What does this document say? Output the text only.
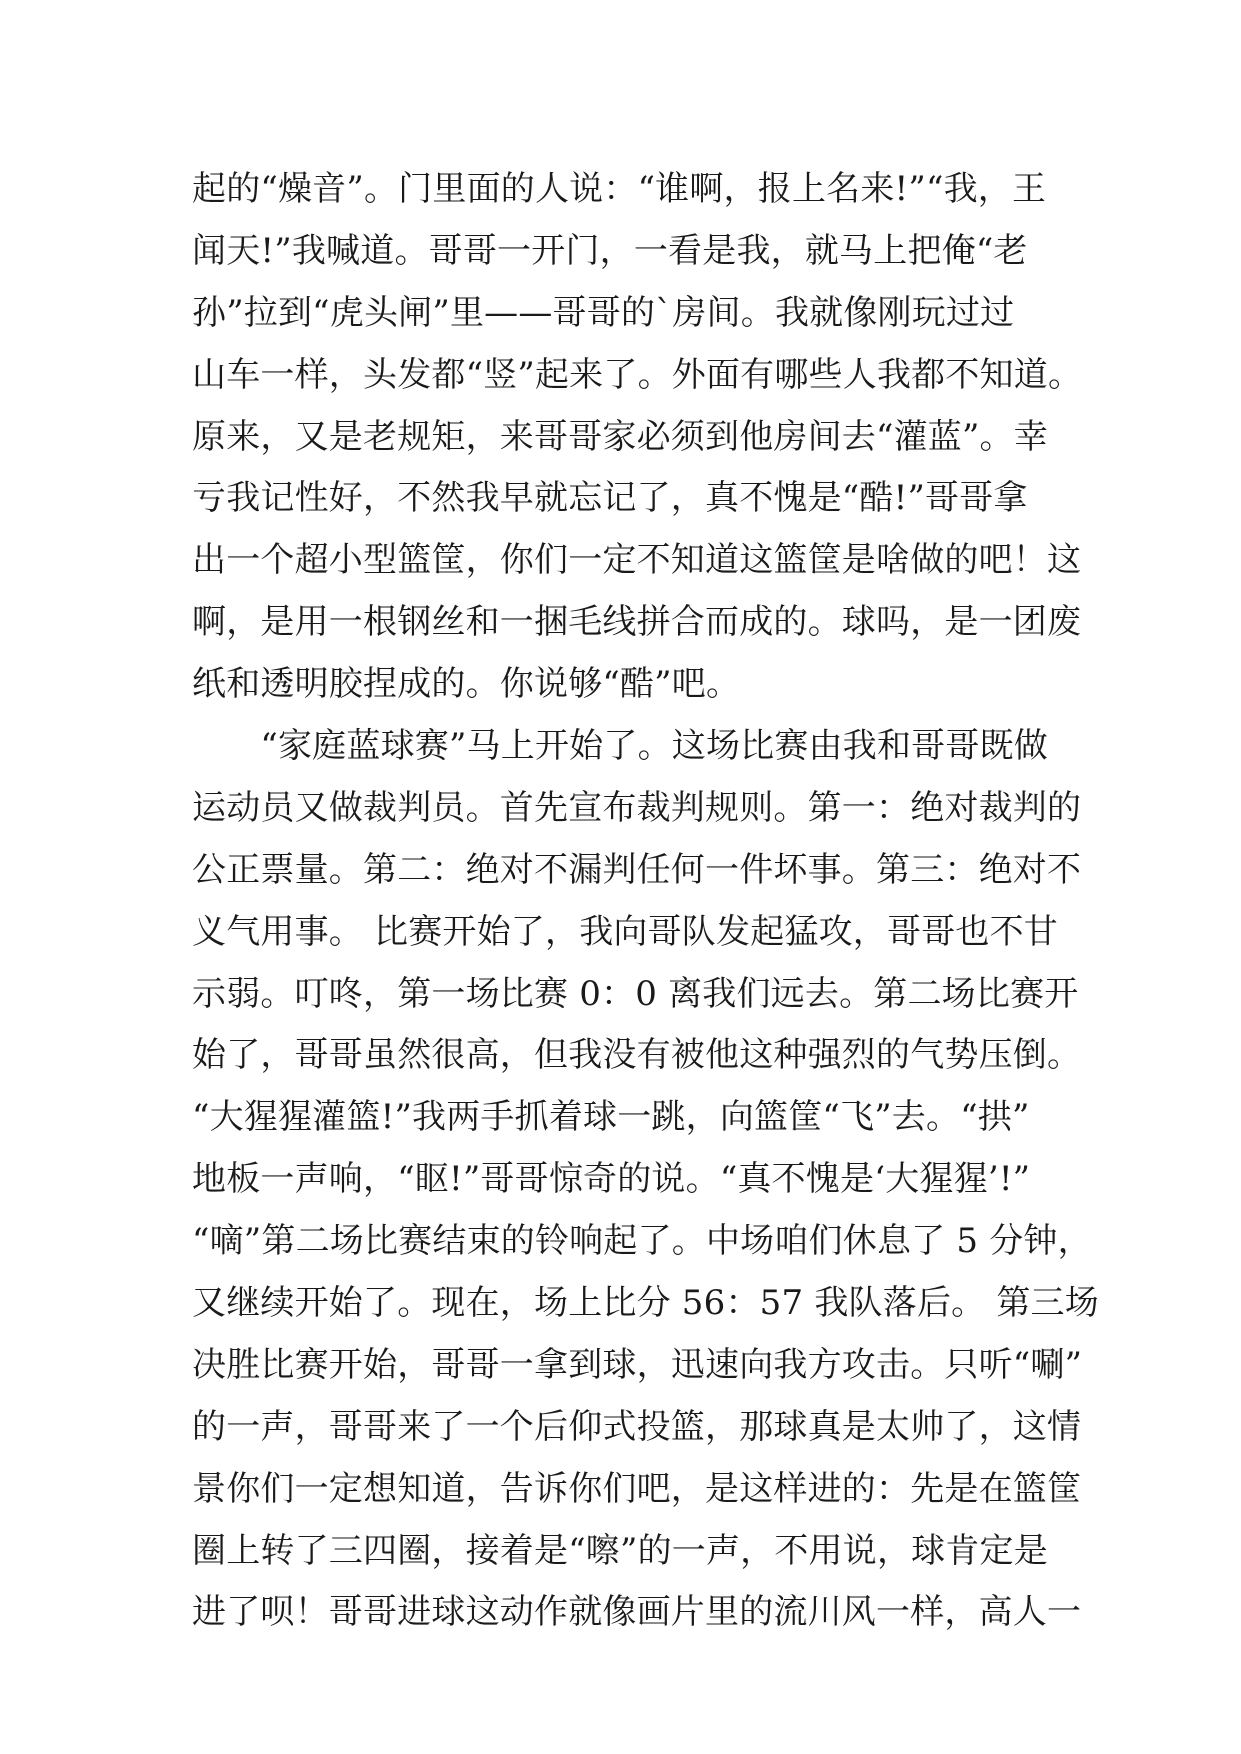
起的“燥音”。门里面的人说：“谁啊，报上名来!”“我，王
闻天!”我喊道。哥哥一开门，一看是我，就马上把俺“老
孙”拉到“虎头闸”里——哥哥的`房间。我就像刚玩过过
山车一样，头发都“竖”起来了。外面有哪些人我都不知道。
原来，又是老规矩，来哥哥家必须到他房间去“灌蓝”。幸
亏我记性好，不然我早就忘记了，真不愧是“酷!”哥哥拿
出一个超小型篮筐，你们一定不知道这篮筐是啥做的吧！这
啊，是用一根钢丝和一捆毛线拼合而成的。球吗，是一团废
纸和透明胶捏成的。你说够“酷”吧。
　　“家庭蓝球赛”马上开始了。这场比赛由我和哥哥既做
运动员又做裁判员。首先宣布裁判规则。第一：绝对裁判的
公正票量。第二：绝对不漏判任何一件坏事。第三：绝对不
义气用事。 比赛开始了，我向哥队发起猛攻，哥哥也不甘
示弱。叮咚，第一场比赛 0：0 离我们远去。第二场比赛开
始了，哥哥虽然很高，但我没有被他这种强烈的气势压倒。
“大猩猩灌篮!”我两手抓着球一跳，向篮筐“飞”去。“拱”
地板一声响，“眍!”哥哥惊奇的说。“真不愧是‘大猩猩’!”
“嘀”第二场比赛结束的铃响起了。中场咱们休息了 5 分钟，
又继续开始了。现在，场上比分 56：57 我队落后。 第三场
决胜比赛开始，哥哥一拿到球，迅速向我方攻击。只听“唰”
的一声，哥哥来了一个后仰式投篮，那球真是太帅了，这情
景你们一定想知道，告诉你们吧，是这样进的：先是在篮筐
圈上转了三四圈，接着是“嚓”的一声，不用说，球肯定是
进了呗！哥哥进球这动作就像画片里的流川风一样，高人一
